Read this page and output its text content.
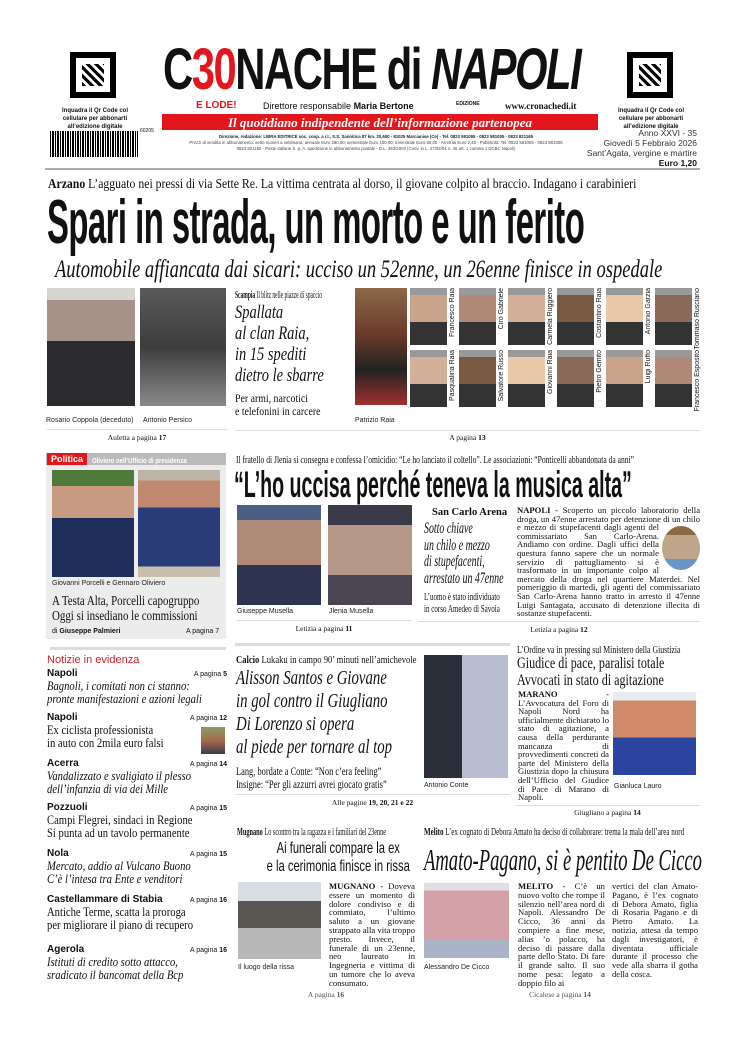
Inquadra il Qr Code col cellulare per abbonarti all’edizione digitale
60205
C30NACHE di NAPOLI
EDIZIONE
E LODE!	Direttore responsabile Maria Bertone	www.cronachedi.it
Il quotidiano indipendente dell’informazione partenopea
Direzione, redazione: LIBRA EDITRICE soc. coop. a r.l., S.S. Sannitica 87 km. 20,600 - 81025 Marcianise (Ce) - Tel. 0823 581055 - 0823 581005 - 0823 821165
Prezzi di vendita in abbonamento: sette numeri a settimana: annuale Euro 280,00; semestrale Euro 150,00; trimestrale Euro 80,00 - Arretrati Euro 2,40 - Pubblicità: Tel. 0823 581055 - 0823 581005
0823 821165 - Poste Italiane S. p. A. spedizione in abbonamento postale - D.L. 353/2003 (Conv. in L. 27/02/04 n. 46 art. 1 comma 1 DCBC Napoli)
Inquadra il Qr Code col cellulare per abbonarti all’edizione digitale
Anno XXVI - 35
Giovedì 5 Febbraio 2026
Sant’Agata, vergine e martire
Euro 1,20
Arzano L’agguato nei pressi di via Sette Re. La vittima centrata al dorso, il giovane colpito al braccio. Indagano i carabinieri
Spari in strada, un morto e un ferito
Automobile affiancata dai sicari: ucciso un 52enne, un 26enne finisce in ospedale
Rosario Coppola (deceduto) Antonio Persico
Auletta a pagina 17
Scampia Il blitz nelle piazze di spaccio
Spallata
al clan Raia,
in 15 spediti
dietro le sbarre
Per armi, narcotici
e telefonini in carcere
Patrizio Raia
Francesco Raia	Ciro Gabriele	Carmela Ruggiero	Costantino Raia	Antonio Garzia	Tommaso Rusciano
Pasqualina Raia	Salvatore Russo	Giovanni Raia	Pietro Gemito	Luigi Ruffo	Francesco Esposito
A pagina 13
Politica	Oliviero nell’Ufficio di presidenza
Giovanni Porcelli e Gennaro Oliviero
A Testa Alta, Porcelli capogruppo
Oggi si insediano le commissioni
di Giuseppe Palmieri	A pagina 7
Il fratello di Jlenia si consegna e confessa l’omicidio: “Le ho lanciato il coltello”. Le associazioni: “Ponticelli abbandonata da anni”
“L’ho uccisa perché teneva la musica alta”
Giuseppe Musella	Jlenia Musella
Letizia a pagina 11
San Carlo Arena
Sotto chiave
un chilo e mezzo
di stupefacenti,
arrestato un 47enne
L’uomo è stato individuato
in corso Amedeo di Savoia
NAPOLI - Scoperto un piccolo laboratorio della droga, un 47enne arrestato per detenzione di un chilo e mezzo di stupefacenti dagli agenti del commissariato San Carlo-Arena. Andiamo con ordine. Dagli uffici della questura fanno sapere che un normale servizio di pattugliamento si è trasformato in un importante colpo al mercato della droga nel quartiere Materdei. Nel pomeriggio di martedì, gli agenti del commissariato San Carlo-Arena hanno tratto in arresto il 47enne Luigi Santagata, accusato di detenzione illecita di sostanze stupefacenti.
Letizia a pagina 12
Notizie in evidenza
Napoli	A pagina 5
Bagnoli, i comitati non ci stanno:
pronte manifestazioni e azioni legali
Napoli	A pagina 12
Ex ciclista professionista
in auto con 2mila euro falsi
Acerra	A pagina 14
Vandalizzato e svaligiato il plesso
dell’infanzia di via dei Mille
Pozzuoli	A pagina 15
Campi Flegrei, sindaci in Regione
Si punta ad un tavolo permanente
Nola	A pagina 15
Mercato, addio al Vulcano Buono
C’è l’intesa tra Ente e venditori
Castellammare di Stabia	A pagina 16
Antiche Terme, scatta la proroga
per migliorare il piano di recupero
Agerola	A pagina 16
Istituti di credito sotto attacco,
sradicato il bancomat della Bcp
Calcio Lukaku in campo 90’ minuti nell’amichevole
Alisson Santos e Giovane
in gol contro il Giugliano
Di Lorenzo si opera
al piede per tornare al top
Lang, bordate a Conte: “Non c’era feeling”
Insigne: “Per gli azzurri avrei giocato gratis”	Antonio Conte
Alle pagine 19, 20, 21 e 22
L’Ordine va in pressing sul Ministero della Giustizia
Giudice di pace, paralisi totale
Avvocati in stato di agitazione
MARANO - L’Avvocatura del Foro di Napoli Nord ha ufficialmente dichiarato lo stato di agitazione, a causa della perdurante mancanza di provvedimenti concreti da parte del Ministero della Giustizia dopo la chiusura dell’Ufficio del Giudice di Pace di Marano di Napoli.
Gianluca Lauro
Giugliano a pagina 14
Mugnano Lo scontro tra la ragazza e i familiari del 23enne
Ai funerali compare la ex
e la cerimonia finisce in rissa
Il luogo della rissa
MUGNANO - Doveva essere un momento di dolore condiviso e di commiato, l’ultimo saluto a un giovane strappato alla vita troppo presto. Invece, il funerale di un 23enne, neo laureato in Ingegneria e vittima di un tumore che lo aveva consumato.
A pagina 16
Melito L’ex cognato di Debora Amato ha deciso di collaborare: trema la mala dell’area nord
Amato-Pagano, si è pentito De Cicco
Alessandro De Cicco
MELITO - C’è un nuovo volto che rompe il silenzio nell’area nord di Napoli. Alessandro De Cicco, 36 anni da compiere a fine mese, alias ’o polacco, ha deciso di passare dalla parte dello Stato. Di fare il grande salto. Il suo nome pesa: legato a doppio filo ai
vertici del clan Amato-Pagano, è l’ex cognato di Debora Amato, figlia di Rosaria Pagano e di Pietro Amato. La notizia, attesa da tempo dagli investigatori, è diventata ufficiale durante il processo che vede alla sbarra il gotha della cosca.
Cicalese a pagina 14
